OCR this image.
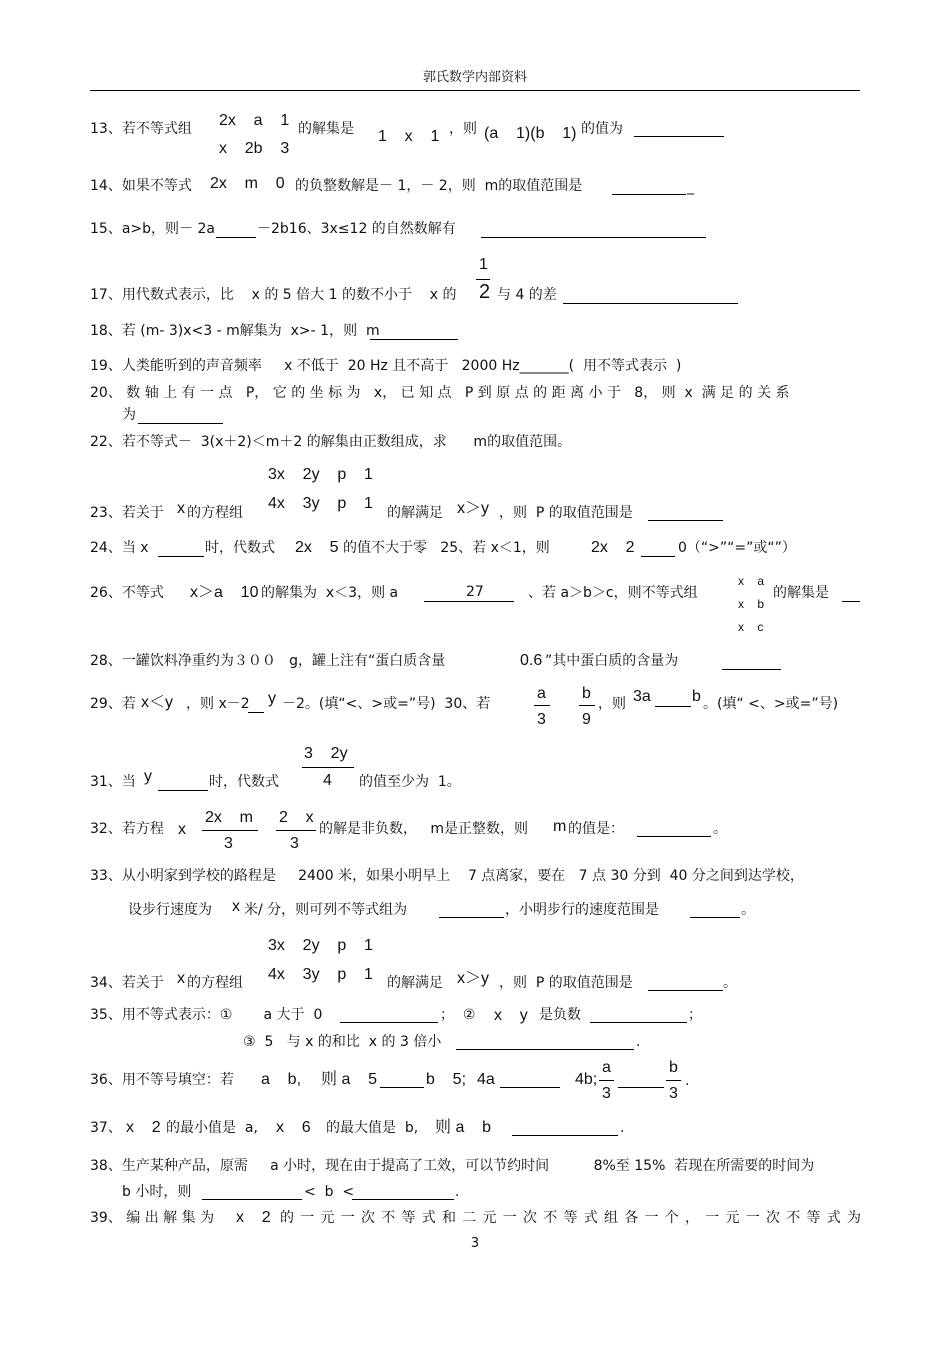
郭氏数学内部资料
13、若不等式组 2x    a    1
x    2b    3
的解集是 1    x    1 ，则 (a    1)(b    1) 的值为
14、如果不等式 2x    m    0 的负整数解是－ 1，－ 2，则  m的取值范围是	_
15、a>b，则－ 2a	－2b16、3x≤12 的自然数解有
17、用代数式表示，比    x 的 5 倍大 1 的数不小于    x 的
1
2 与 4 的差
18、若 (m- 3)x<3 - m解集为  x>- 1，则  m
19、人类能听到的声音频率     x 不低于  20 Hz 且不高于   2000 Hz_______(  用不等式表示  )
20、 数 轴 上 有 一 点   P， 它 的 坐 标 为   x， 已 知 点   P 到 原 点 的 距 离 小 于   8， 则  x  满 足 的 关 系
为
22、若不等式－  3(x＋2)＜m＋2 的解集由正数组成，求      m的取值范围。
3x    2y    p    1
4x    3y    p    1
23、若关于 x 的方程组	的解满足 x＞y ，则  P 的取值范围是
24、当 x	时，代数式 2x    5 的值不大于零   25、若 x＜1，则	2x    2	0（“>”“=”或“”）
26、不等式 x＞a    10 的解集为  x＜3，则 a	27	、若 a＞b＞c，则不等式组
x    a
x    b
x    c
的解集是
28、一罐饮料净重约为３００   g，罐上注有“蛋白质含量	0.6 ”其中蛋白质的含量为
29、若 x＜y ，则 x－2 y －2。(填“<、>或=”号)  30、若
a
3
b
9
，则 3a	b 。(填“ <、>或=”号)
31、当 y	时，代数式
3    2y
4 的值至少为  1。
32、若方程 x
2x    m
3
2    x
3
的解是非负数，   m是正整数，则 m 的值是：	。
33、从小明家到学校的路程是     2400 米，如果小明早上    7 点离家，要在   7 点 30 分到  40 分之间到达学校，
设步行速度为 x 米/ 分，则可列不等式组为	，小明步行的速度范围是	。
3x    2y    p    1
4x    3y    p    1
34、若关于 x 的方程组	的解满足 x＞y ，则  P 的取值范围是	。
35、用不等式表示：①       a 大于  0	；  ② x    y 是负数	；
③  5   与 x 的和比  x 的 3 倍小	.
36、用不等号填空：若 a    b, 则 a    5	b    5; 4a	4b;
a
3
b
3
.
37、 x    2 的最小值是  a, x    6 的最大值是  b, 则 a    b	.
38、生产某种产品，原需     a 小时，现在由于提高了工效，可以节约时间          8%至 15%  若现在所需要的时间为
b 小时，则	<  b  <	.
39、 编 出 解 集 为 x    2 的 一 元 一 次 不 等 式 和 二 元 一 次 不 等 式 组 各 一 个 ， 一 元 一 次 不 等 式 为
3
